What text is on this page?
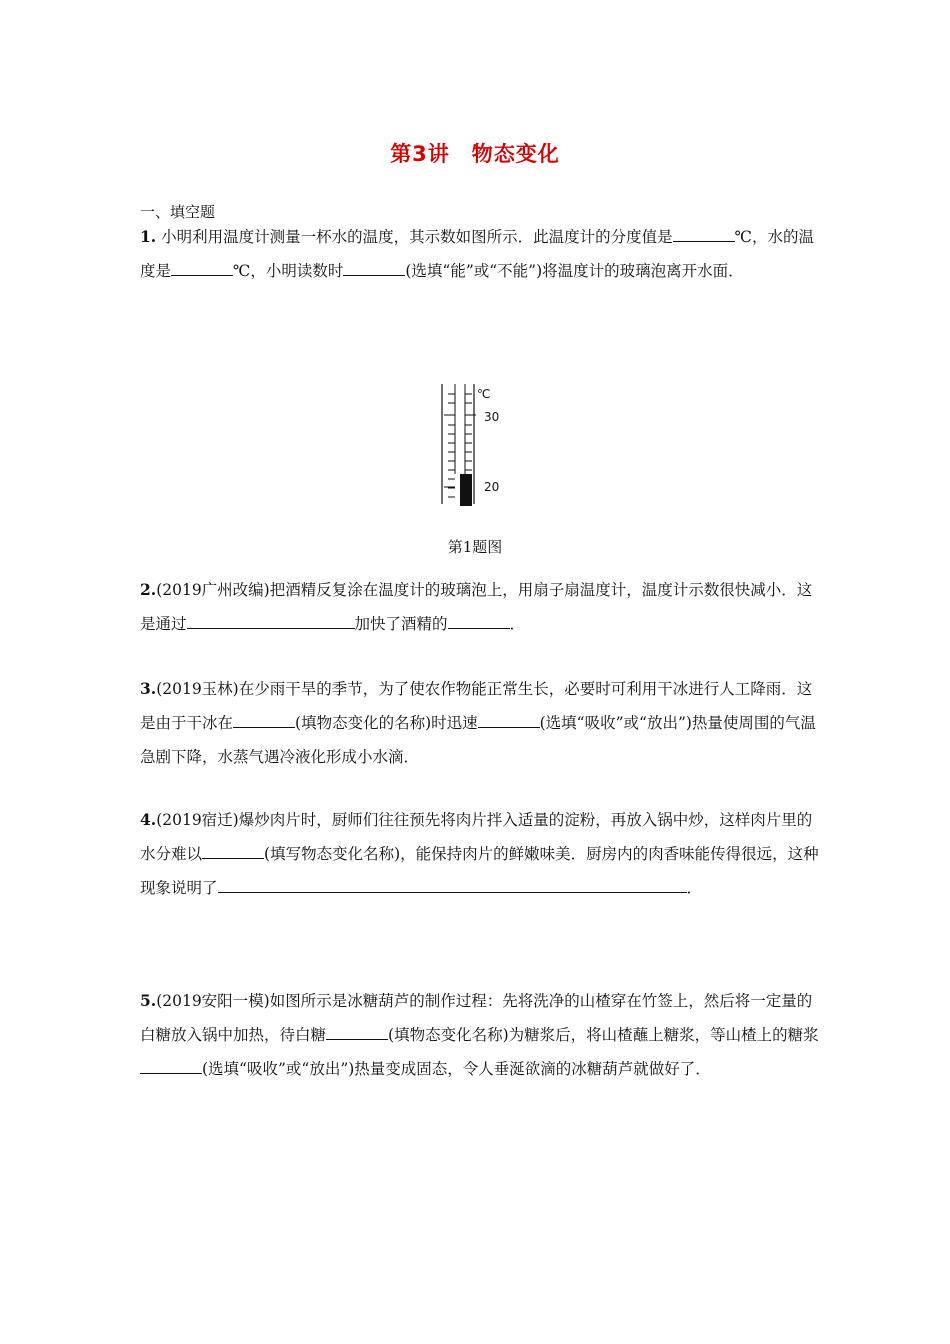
第3讲　物态变化
一、填空题
1. 小明利用温度计测量一杯水的温度，其示数如图所示．此温度计的分度值是	℃，水的温度是	℃，小明读数时	(选填“能”或“不能”)将温度计的玻璃泡离开水面．
℃
30
20
第1题图
2.(2019广州改编)把酒精反复涂在温度计的玻璃泡上，用扇子扇温度计，温度计示数很快减小．这是通过	加快了酒精的	．
3.(2019玉林)在少雨干旱的季节，为了使农作物能正常生长，必要时可利用干冰进行人工降雨．这是由于干冰在	(填物态变化的名称)时迅速	(选填“吸收”或“放出”)热量使周围的气温急剧下降，水蒸气遇冷液化形成小水滴．
4.(2019宿迁)爆炒肉片时，厨师们往往预先将肉片拌入适量的淀粉，再放入锅中炒，这样肉片里的水分难以	(填写物态变化名称)，能保持肉片的鲜嫩味美．厨房内的肉香味能传得很远，这种现象说明了	．
5.(2019安阳一模)如图所示是冰糖葫芦的制作过程：先将洗净的山楂穿在竹签上，然后将一定量的白糖放入锅中加热，待白糖	(填物态变化名称)为糖浆后，将山楂蘸上糖浆，等山楂上的糖浆(选填“吸收”或“放出”)热量变成固态，令人垂涎欲滴的冰糖葫芦就做好了．
